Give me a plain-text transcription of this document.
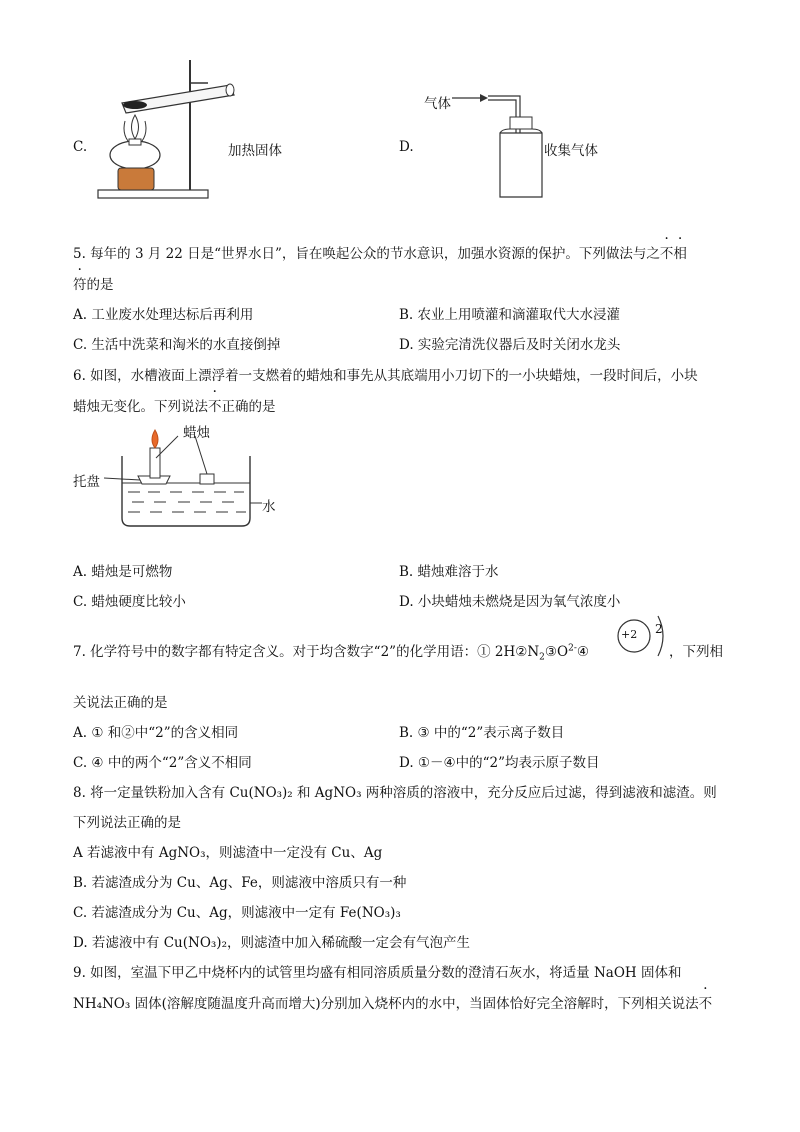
C.	加热固体	D.
气体
收集气体
5. 每年的 3 月 22 日是“世界水日”，旨在唤起公众的节水意识，加强水资源的保护。下列做法与之不相
符的是
A. 工业废水处理达标后再利用	B. 农业上用喷灌和滴灌取代大水浸灌
C. 生活中洗菜和淘米的水直接倒掉	D. 实验完清洗仪器后及时关闭水龙头
6. 如图，水槽液面上漂浮着一支燃着的蜡烛和事先从其底端用小刀切下的一小块蜡烛，一段时间后，小块
蜡烛无变化。下列说法不正确的是
蜡烛
托盘
水
A. 蜡烛是可燃物	B. 蜡烛难溶于水
C. 蜡烛硬度比较小	D. 小块蜡烛未燃烧是因为氧气浓度小
7. 化学符号中的数字都有特定含义。对于均含数字“2”的化学用语：① $2H②N_2③O^{2-}④$
+2 2
，下列相
关说法正确的是
A. ① 和②中“2”的含义相同	B. ③ 中的“2”表示离子数目
C. ④ 中的两个“2”含义不相同	D. ①－④中的“2”均表示原子数目
8. 将一定量铁粉加入含有 Cu(NO₃)₂ 和 AgNO₃ 两种溶质的溶液中，充分反应后过滤，得到滤液和滤渣。则
下列说法正确的是
A 若滤液中有 AgNO₃，则滤渣中一定没有 Cu、Ag
B. 若滤渣成分为 Cu、Ag、Fe，则滤液中溶质只有一种
C. 若滤渣成分为 Cu、Ag，则滤液中一定有 Fe(NO₃)₃
D. 若滤液中有 Cu(NO₃)₂，则滤渣中加入稀硫酸一定会有气泡产生
9. 如图，室温下甲乙中烧杯内的试管里均盛有相同溶质质量分数的澄清石灰水，将适量 NaOH 固体和
NH₄NO₃ 固体(溶解度随温度升高而增大)分别加入烧杯内的水中，当固体恰好完全溶解时，下列相关说法不
